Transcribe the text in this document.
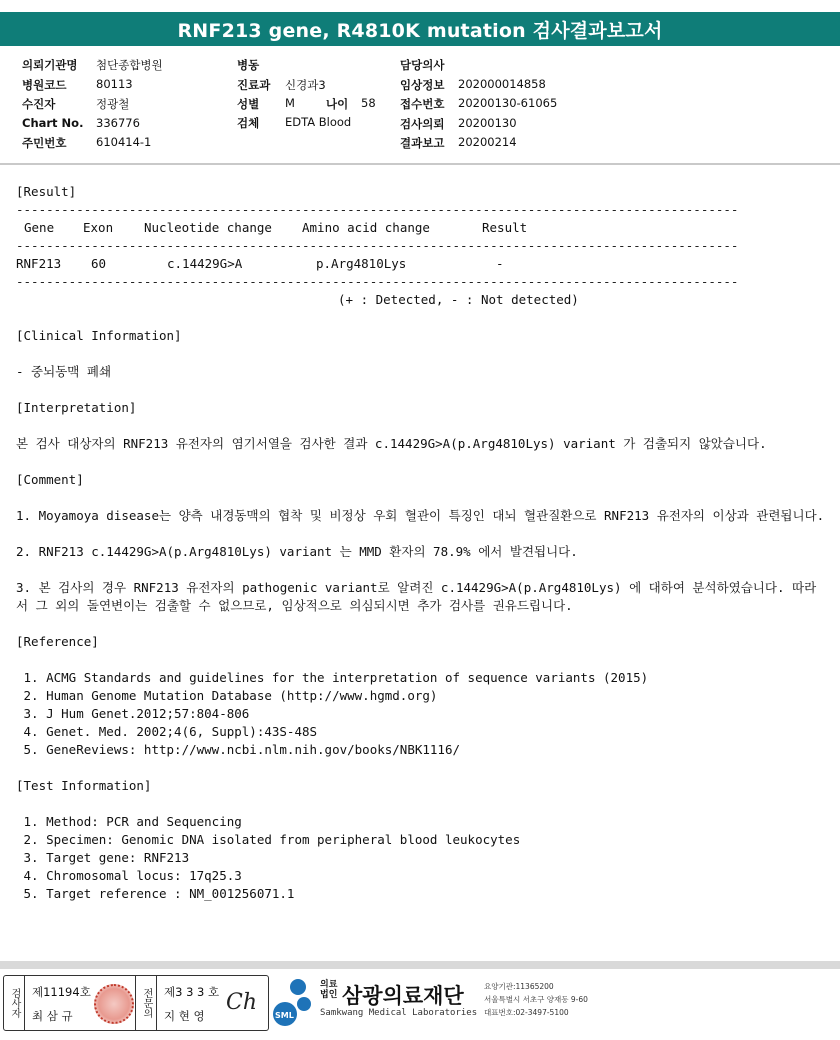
RNF213 gene, R4810K mutation 검사결과보고서
의뢰기관명 첨단종합병원
병원코드	80113
수진자	정광철
Chart No. 336776
주민번호	610414-1
병동
진료과 신경과3
성별 M	나이 58
검체 EDTA Blood
담당의사
임상정보 202000014858
접수번호 20200130-61065
검사의뢰 20200130
결과보고 20200214
[Result]
------------------------------------------------------------------------------------------------
Gene Exon Nucleotide change Amino acid change	Result
------------------------------------------------------------------------------------------------
RNF213 60	c.14429G>A	p.Arg4810Lys	-
------------------------------------------------------------------------------------------------
(+ : Detected, - : Not detected)
[Clinical Information]
- 중뇌동맥 폐쇄
[Interpretation]
본 검사 대상자의 RNF213 유전자의 염기서열을 검사한 결과 c.14429G>A(p.Arg4810Lys) variant 가 검출되지 않았습니다.
[Comment]
1. Moyamoya disease는 양측 내경동맥의 협착 및 비정상 우회 혈관이 특징인 대뇌 혈관질환으로 RNF213 유전자의 이상과 관련됩니다.
2. RNF213 c.14429G>A(p.Arg4810Lys) variant 는 MMD 환자의 78.9% 에서 발견됩니다.
3. 본 검사의 경우 RNF213 유전자의 pathogenic variant로 알려진 c.14429G>A(p.Arg4810Lys) 에 대하여 분석하였습니다. 따라서 그 외의 돌연변이는 검출할 수 없으므로, 임상적으로 의심되시면 추가 검사를 권유드립니다.
[Reference]
1. ACMG Standards and guidelines for the interpretation of sequence variants (2015)
2. Human Genome Mutation Database (http://www.hgmd.org)
3. J Hum Genet.2012;57:804-806
4. Genet. Med. 2002;4(6, Suppl):43S-48S
5. GeneReviews: http://www.ncbi.nlm.nih.gov/books/NBK1116/
[Test Information]
1. Method: PCR and Sequencing
2. Specimen: Genomic DNA isolated from peripheral blood leukocytes
3. Target gene: RNF213
4. Chromosomal locus: 17q25.3
5. Target reference : NM_001256071.1
검사자	제11194호
최 삼 규	전문의	제3 3 3 호
지 현 영
Ch
SML
의료
법인 삼광의료재단
Samkwang Medical Laboratories
요양기관:11365200
서울특별시 서초구 양재동 9-60
대표번호:02-3497-5100
